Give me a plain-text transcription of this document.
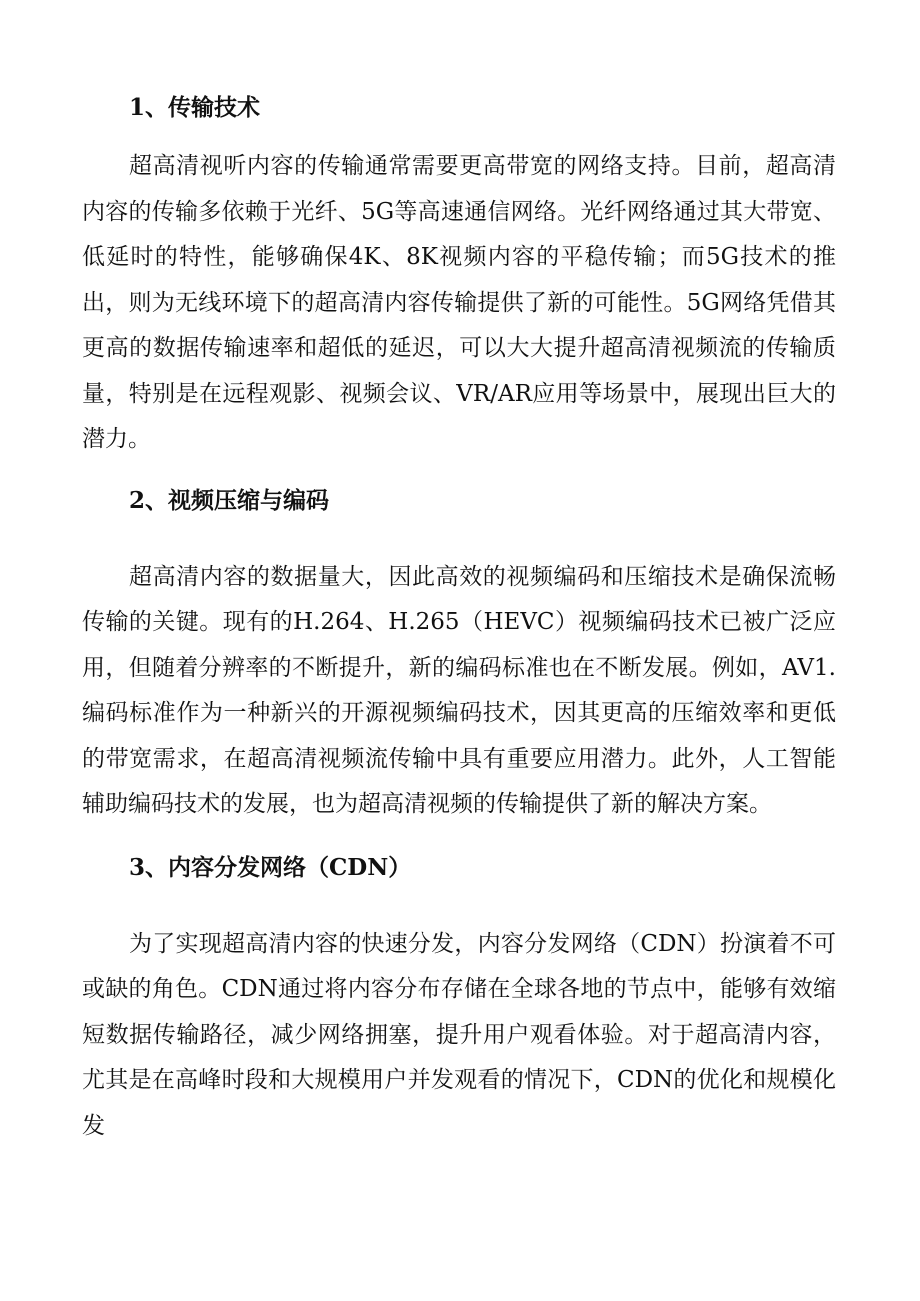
1、传输技术

超高清视听内容的传输通常需要更高带宽的网络支持。目前，超高清内容的传输多依赖于光纤、5G等高速通信网络。光纤网络通过其大带宽、低延时的特性，能够确保4K、8K视频内容的平稳传输；而5G技术的推出，则为无线环境下的超高清内容传输提供了新的可能性。5G网络凭借其更高的数据传输速率和超低的延迟，可以大大提升超高清视频流的传输质量，特别是在远程观影、视频会议、VR/AR应用等场景中，展现出巨大的潜力。

2、视频压缩与编码

超高清内容的数据量大，因此高效的视频编码和压缩技术是确保流畅传输的关键。现有的H.264、H.265（HEVC）视频编码技术已被广泛应用，但随着分辨率的不断提升，新的编码标准也在不断发展。例如，AV1.编码标准作为一种新兴的开源视频编码技术，因其更高的压缩效率和更低的带宽需求，在超高清视频流传输中具有重要应用潜力。此外，人工智能辅助编码技术的发展，也为超高清视频的传输提供了新的解决方案。

3、内容分发网络（CDN）

为了实现超高清内容的快速分发，内容分发网络（CDN）扮演着不可或缺的角色。CDN通过将内容分布存储在全球各地的节点中，能够有效缩短数据传输路径，减少网络拥塞，提升用户观看体验。对于超高清内容，尤其是在高峰时段和大规模用户并发观看的情况下，CDN的优化和规模化发
